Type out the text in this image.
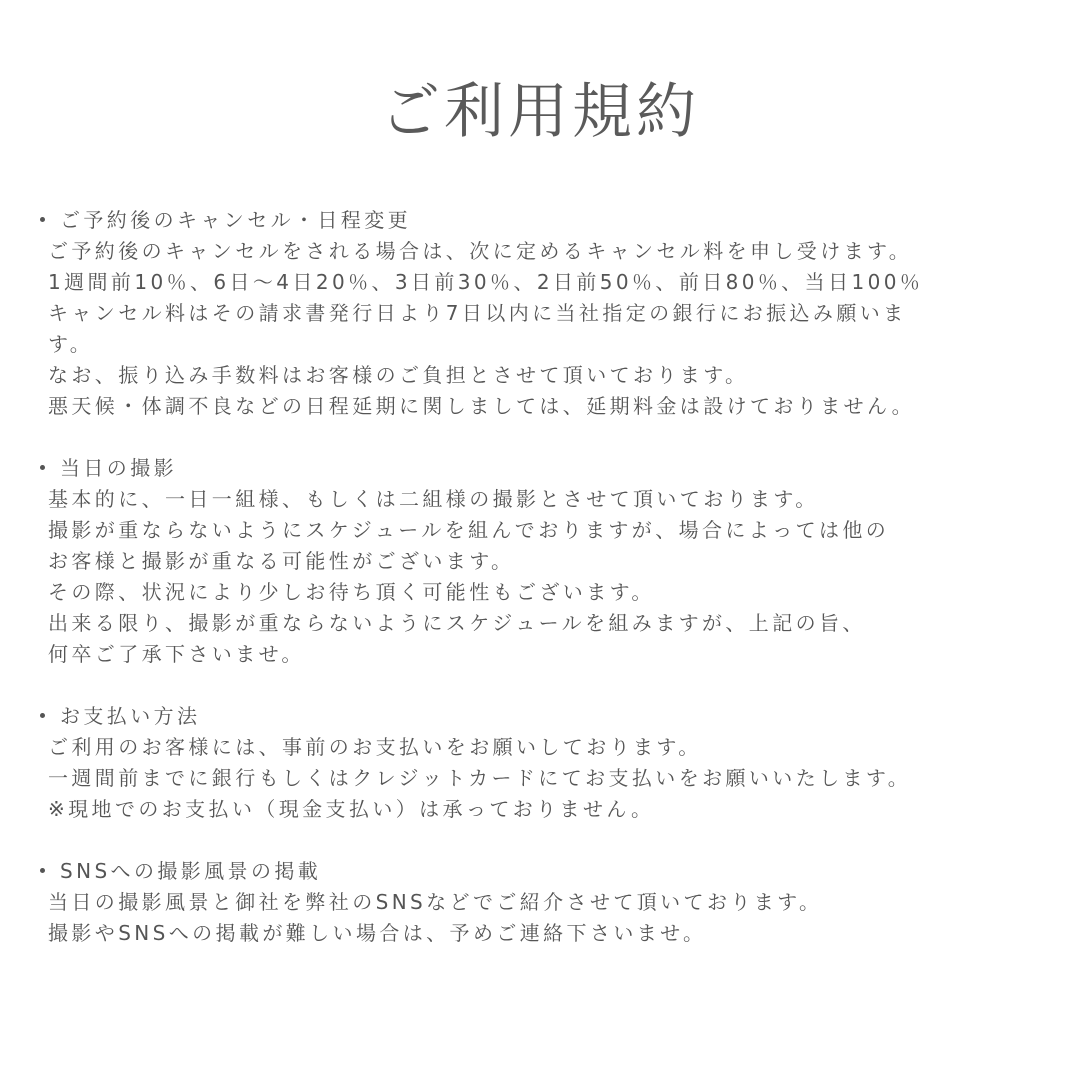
ご利用規約
ご予約後のキャンセル・日程変更

ご予約後のキャンセルをされる場合は、次に定めるキャンセル料を申し受けます。

1週間前10％、6日～4日20％、3日前30％、2日前50％、前日80％、当日100％

キャンセル料はその請求書発行日より7日以内に当社指定の銀行にお振込み願いま

す。

なお、振り込み手数料はお客様のご負担とさせて頂いております。

悪天候・体調不良などの日程延期に関しましては、延期料金は設けておりません。

当日の撮影

基本的に、一日一組様、もしくは二組様の撮影とさせて頂いております。

撮影が重ならないようにスケジュールを組んでおりますが、場合によっては他の

お客様と撮影が重なる可能性がございます。

その際、状況により少しお待ち頂く可能性もございます。

出来る限り、撮影が重ならないようにスケジュールを組みますが、上記の旨、

何卒ご了承下さいませ。

お支払い方法

ご利用のお客様には、事前のお支払いをお願いしております。

一週間前までに銀行もしくはクレジットカードにてお支払いをお願いいたします。

※現地でのお支払い（現金支払い）は承っておりません。

SNSへの撮影風景の掲載

当日の撮影風景と御社を弊社のSNSなどでご紹介させて頂いております。

撮影やSNSへの掲載が難しい場合は、予めご連絡下さいませ。
